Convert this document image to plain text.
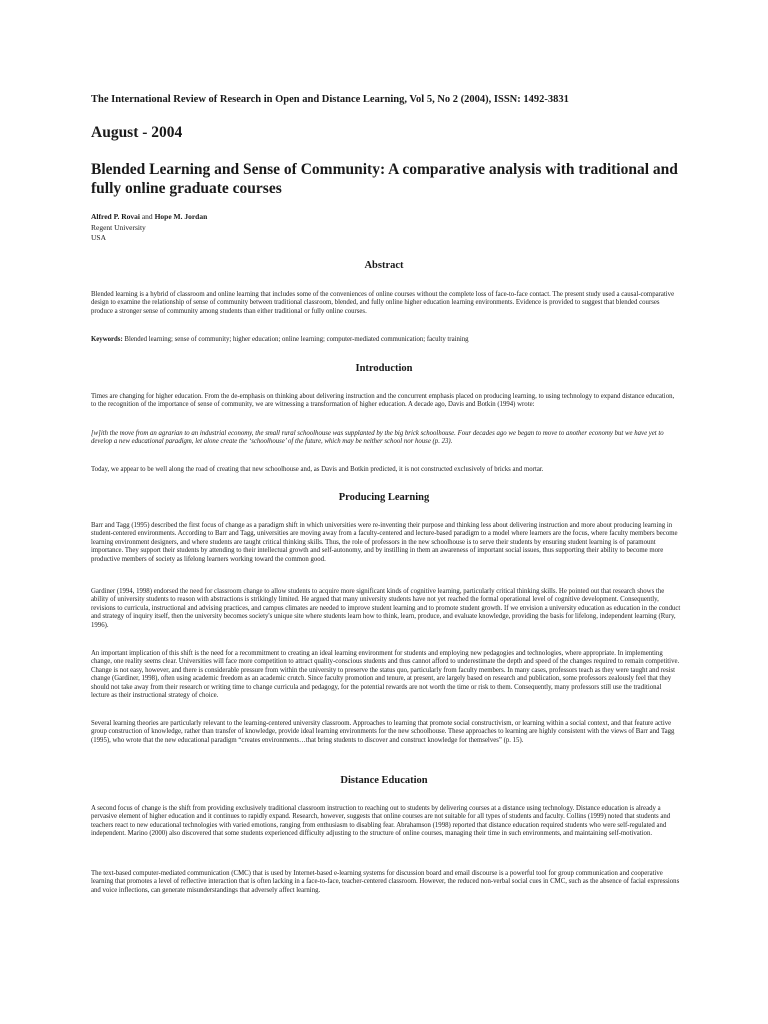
The International Review of Research in Open and Distance Learning, Vol 5, No 2 (2004), ISSN: 1492-3831
August - 2004
Blended Learning and Sense of Community: A comparative analysis with traditional and fully online graduate courses
Alfred P. Rovai and Hope M. Jordan
Regent University
USA
Abstract
Blended learning is a hybrid of classroom and online learning that includes some of the conveniences of online courses without the complete loss of face-to-face contact. The present study used a causal-comparative design to examine the relationship of sense of community between traditional classroom, blended, and fully online higher education learning environments. Evidence is provided to suggest that blended courses produce a stronger sense of community among students than either traditional or fully online courses.
Keywords: Blended learning; sense of community; higher education; online learning; computer-mediated communication; faculty training
Introduction
Times are changing for higher education. From the de-emphasis on thinking about delivering instruction and the concurrent emphasis placed on producing learning, to using technology to expand distance education, to the recognition of the importance of sense of community, we are witnessing a transformation of higher education. A decade ago, Davis and Botkin (1994) wrote:
[w]ith the move from an agrarian to an industrial economy, the small rural schoolhouse was supplanted by the big brick schoolhouse. Four decades ago we began to move to another economy but we have yet to develop a new educational paradigm, let alone create the ‘schoolhouse’ of the future, which may be neither school nor house (p. 23).
Today, we appear to be well along the road of creating that new schoolhouse and, as Davis and Botkin predicted, it is not constructed exclusively of bricks and mortar.
Producing Learning
Barr and Tagg (1995) described the first focus of change as a paradigm shift in which universities were re-inventing their purpose and thinking less about delivering instruction and more about producing learning in student-centered environments. According to Barr and Tagg, universities are moving away from a faculty-centered and lecture-based paradigm to a model where learners are the focus, where faculty members become learning environment designers, and where students are taught critical thinking skills. Thus, the role of professors in the new schoolhouse is to serve their students by ensuring student learning is of paramount importance. They support their students by attending to their intellectual growth and self-autonomy, and by instilling in them an awareness of important social issues, thus supporting their ability to become more productive members of society as lifelong learners working toward the common good.
Gardiner (1994, 1998) endorsed the need for classroom change to allow students to acquire more significant kinds of cognitive learning, particularly critical thinking skills. He pointed out that research shows the ability of university students to reason with abstractions is strikingly limited. He argued that many university students have not yet reached the formal operational level of cognitive development. Consequently, revisions to curricula, instructional and advising practices, and campus climates are needed to improve student learning and to promote student growth. If we envision a university education as education in the conduct and strategy of inquiry itself, then the university becomes society's unique site where students learn how to think, learn, produce, and evaluate knowledge, providing the basis for lifelong, independent learning (Rury, 1996).
An important implication of this shift is the need for a recommitment to creating an ideal learning environment for students and employing new pedagogies and technologies, where appropriate. In implementing change, one reality seems clear. Universities will face more competition to attract quality-conscious students and thus cannot afford to underestimate the depth and speed of the changes required to remain competitive. Change is not easy, however, and there is considerable pressure from within the university to preserve the status quo, particularly from faculty members. In many cases, professors teach as they were taught and resist change (Gardiner, 1998), often using academic freedom as an academic crutch. Since faculty promotion and tenure, at present, are largely based on research and publication, some professors zealously feel that they should not take away from their research or writing time to change curricula and pedagogy, for the potential rewards are not worth the time or risk to them. Consequently, many professors still use the traditional lecture as their instructional strategy of choice.
Several learning theories are particularly relevant to the learning-centered university classroom. Approaches to learning that promote social constructivism, or learning within a social context, and that feature active group construction of knowledge, rather than transfer of knowledge, provide ideal learning environments for the new schoolhouse. These approaches to learning are highly consistent with the views of Barr and Tagg (1995), who wrote that the new educational paradigm “creates environments…that bring students to discover and construct knowledge for themselves” (p. 15).
Distance Education
A second focus of change is the shift from providing exclusively traditional classroom instruction to reaching out to students by delivering courses at a distance using technology. Distance education is already a pervasive element of higher education and it continues to rapidly expand. Research, however, suggests that online courses are not suitable for all types of students and faculty. Collins (1999) noted that students and teachers react to new educational technologies with varied emotions, ranging from enthusiasm to disabling fear. Abrahamson (1998) reported that distance education required students who were self-regulated and independent. Marino (2000) also discovered that some students experienced difficulty adjusting to the structure of online courses, managing their time in such environments, and maintaining self-motivation.
The text-based computer-mediated communication (CMC) that is used by Internet-based e-learning systems for discussion board and email discourse is a powerful tool for group communication and cooperative learning that promotes a level of reflective interaction that is often lacking in a face-to-face, teacher-centered classroom. However, the reduced non-verbal social cues in CMC, such as the absence of facial expressions and voice inflections, can generate misunderstandings that adversely affect learning.
